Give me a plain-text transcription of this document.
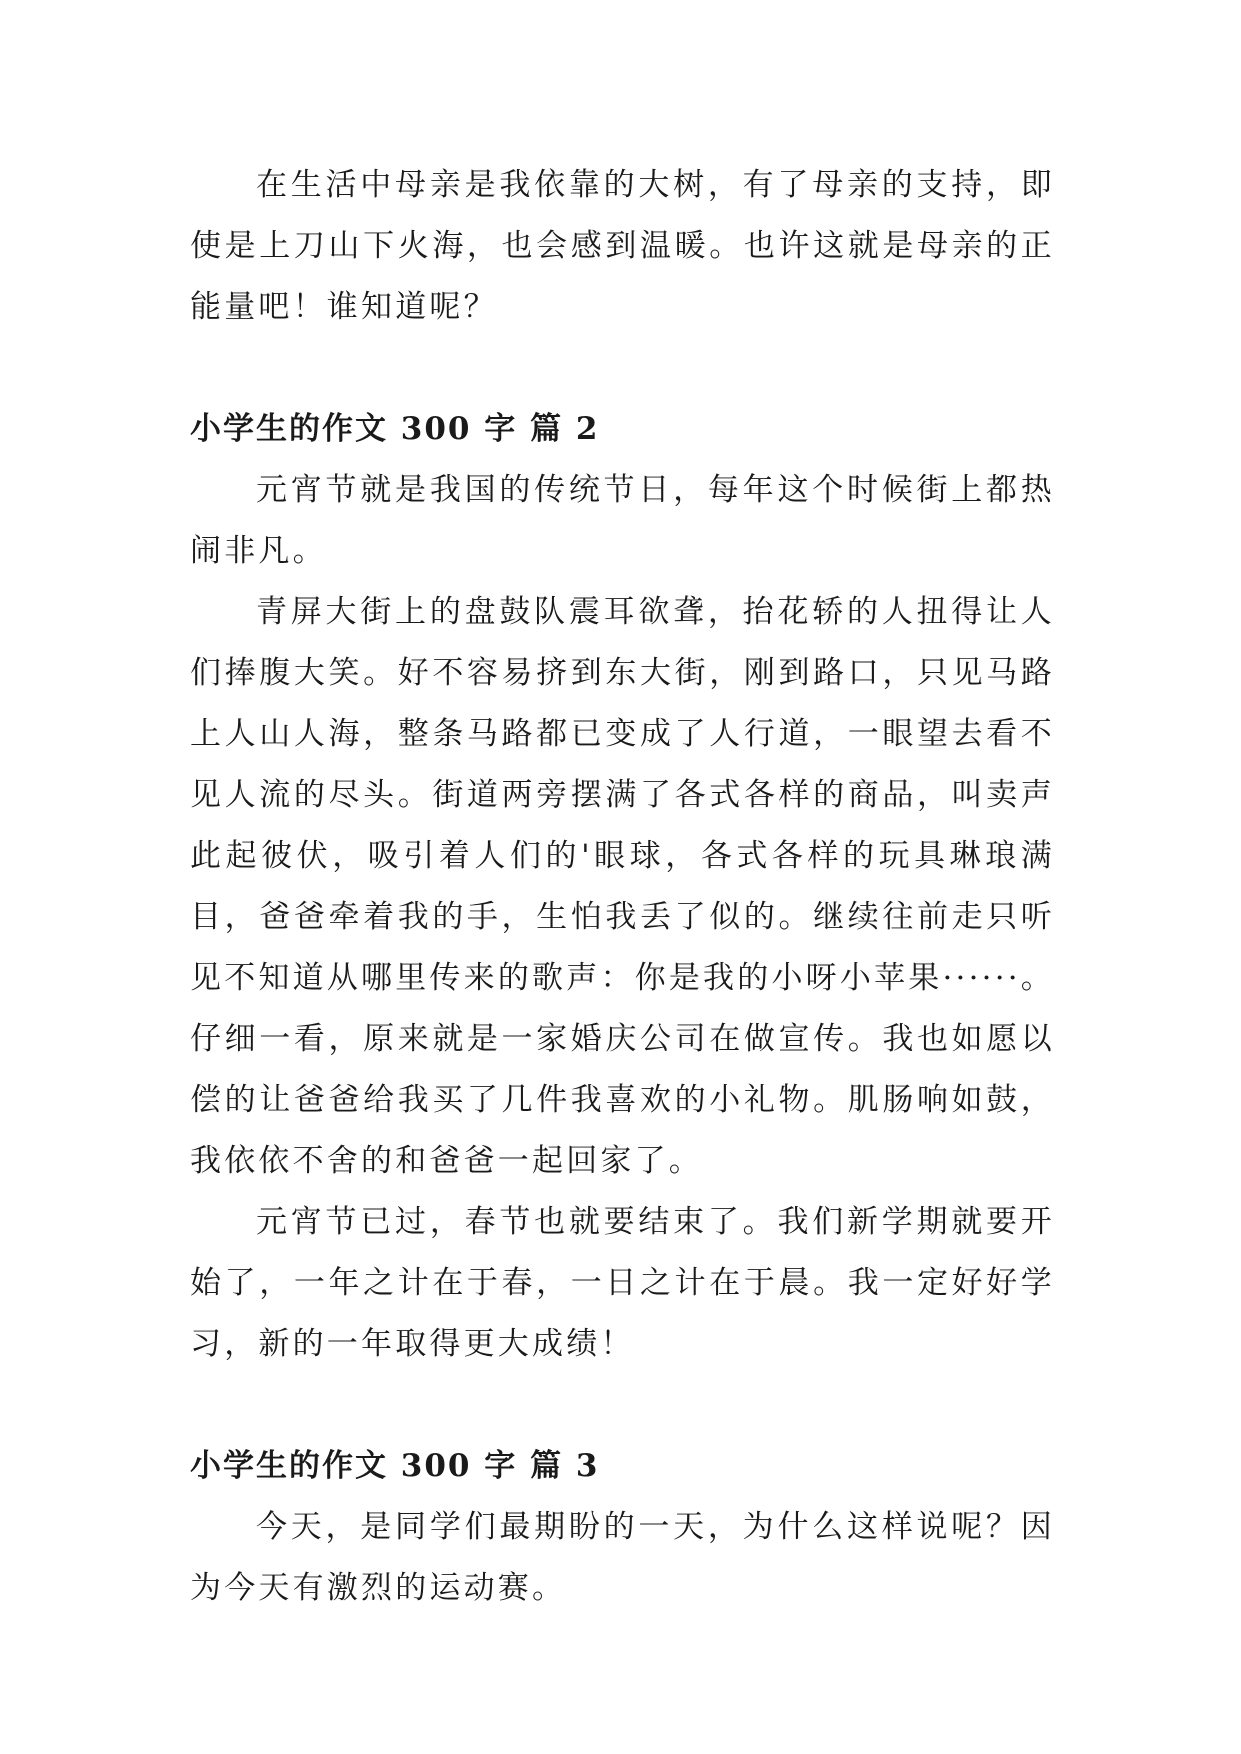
在生活中母亲是我依靠的大树，有了母亲的支持，即使是上刀山下火海，也会感到温暖。也许这就是母亲的正能量吧！谁知道呢？

小学生的作文 300 字 篇 2

元宵节就是我国的传统节日，每年这个时候街上都热闹非凡。

青屏大街上的盘鼓队震耳欲聋，抬花轿的人扭得让人们捧腹大笑。好不容易挤到东大街，刚到路口，只见马路上人山人海，整条马路都已变成了人行道，一眼望去看不见人流的尽头。街道两旁摆满了各式各样的商品，叫卖声此起彼伏，吸引着人们的'眼球，各式各样的玩具琳琅满目，爸爸牵着我的手，生怕我丢了似的。继续往前走只听见不知道从哪里传来的歌声：你是我的小呀小苹果······。仔细一看，原来就是一家婚庆公司在做宣传。我也如愿以偿的让爸爸给我买了几件我喜欢的小礼物。肌肠响如鼓，我依依不舍的和爸爸一起回家了。

元宵节已过，春节也就要结束了。我们新学期就要开始了，一年之计在于春，一日之计在于晨。我一定好好学习，新的一年取得更大成绩！

小学生的作文 300 字 篇 3

今天，是同学们最期盼的一天，为什么这样说呢？因为今天有激烈的运动赛。
